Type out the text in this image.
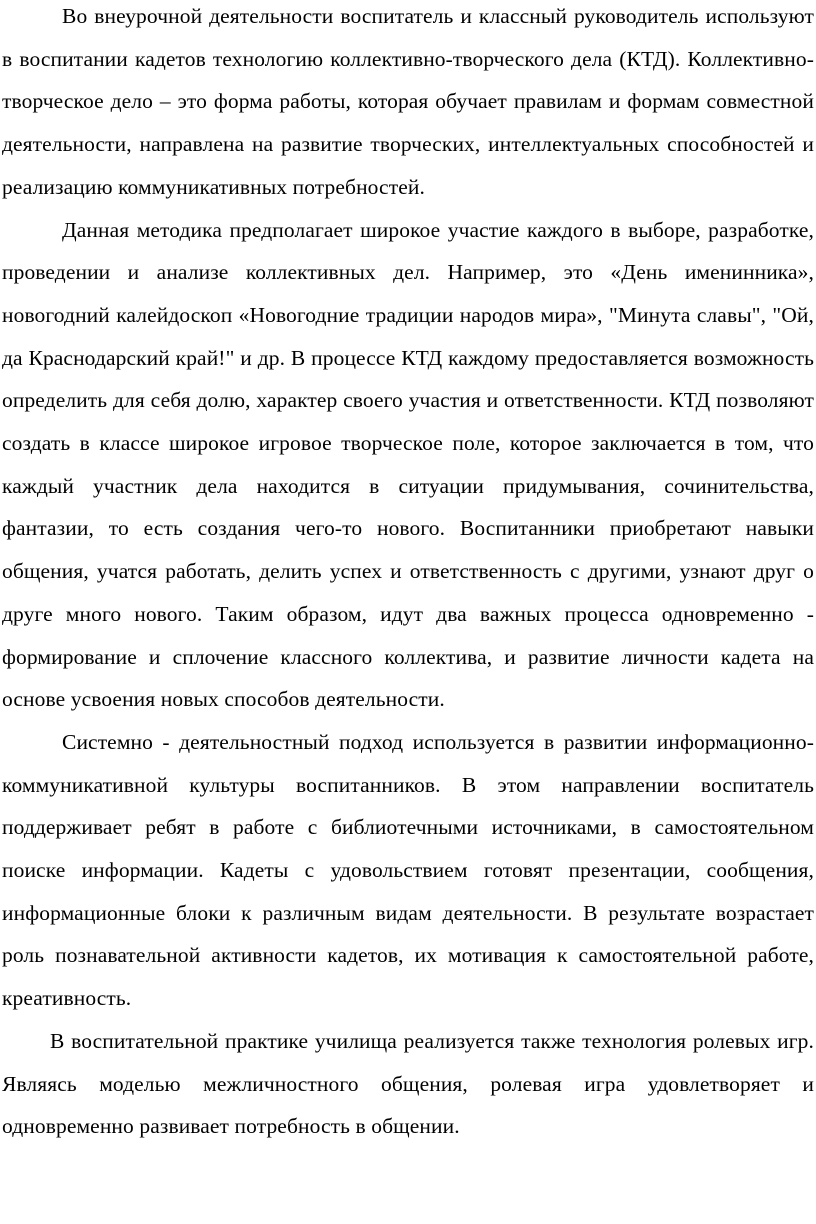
Во внеурочной деятельности воспитатель и классный руководитель используют в воспитании кадетов технологию коллективно-творческого дела (КТД). Коллективно-творческое дело – это форма работы, которая обучает правилам и формам совместной деятельности, направлена на развитие творческих, интеллектуальных способностей и реализацию коммуникативных потребностей.

Данная методика предполагает широкое участие каждого в выборе, разработке, проведении и анализе коллективных дел. Например, это «День именинника», новогодний калейдоскоп «Новогодние традиции народов мира», "Минута славы", "Ой, да Краснодарский край!" и др. В процессе КТД каждому предоставляется возможность определить для себя долю, характер своего участия и ответственности. КТД позволяют создать в классе широкое игровое творческое поле, которое заключается в том, что каждый участник дела находится в ситуации придумывания, сочинительства, фантазии, то есть создания чего-то нового. Воспитанники приобретают навыки общения, учатся работать, делить успех и ответственность с другими, узнают друг о друге много нового. Таким образом, идут два важных процесса одновременно - формирование и сплочение классного коллектива, и развитие личности кадета на основе усвоения новых способов деятельности.

Системно - деятельностный подход используется в развитии информационно-коммуникативной культуры воспитанников. В этом направлении воспитатель поддерживает ребят в работе с библиотечными источниками, в самостоятельном поиске информации. Кадеты с удовольствием готовят презентации, сообщения, информационные блоки к различным видам деятельности. В результате возрастает роль познавательной активности кадетов, их мотивация к самостоятельной работе, креативность.

В воспитательной практике училища реализуется также технология ролевых игр. Являясь моделью межличностного общения, ролевая игра удовлетворяет и одновременно развивает потребность в общении.
